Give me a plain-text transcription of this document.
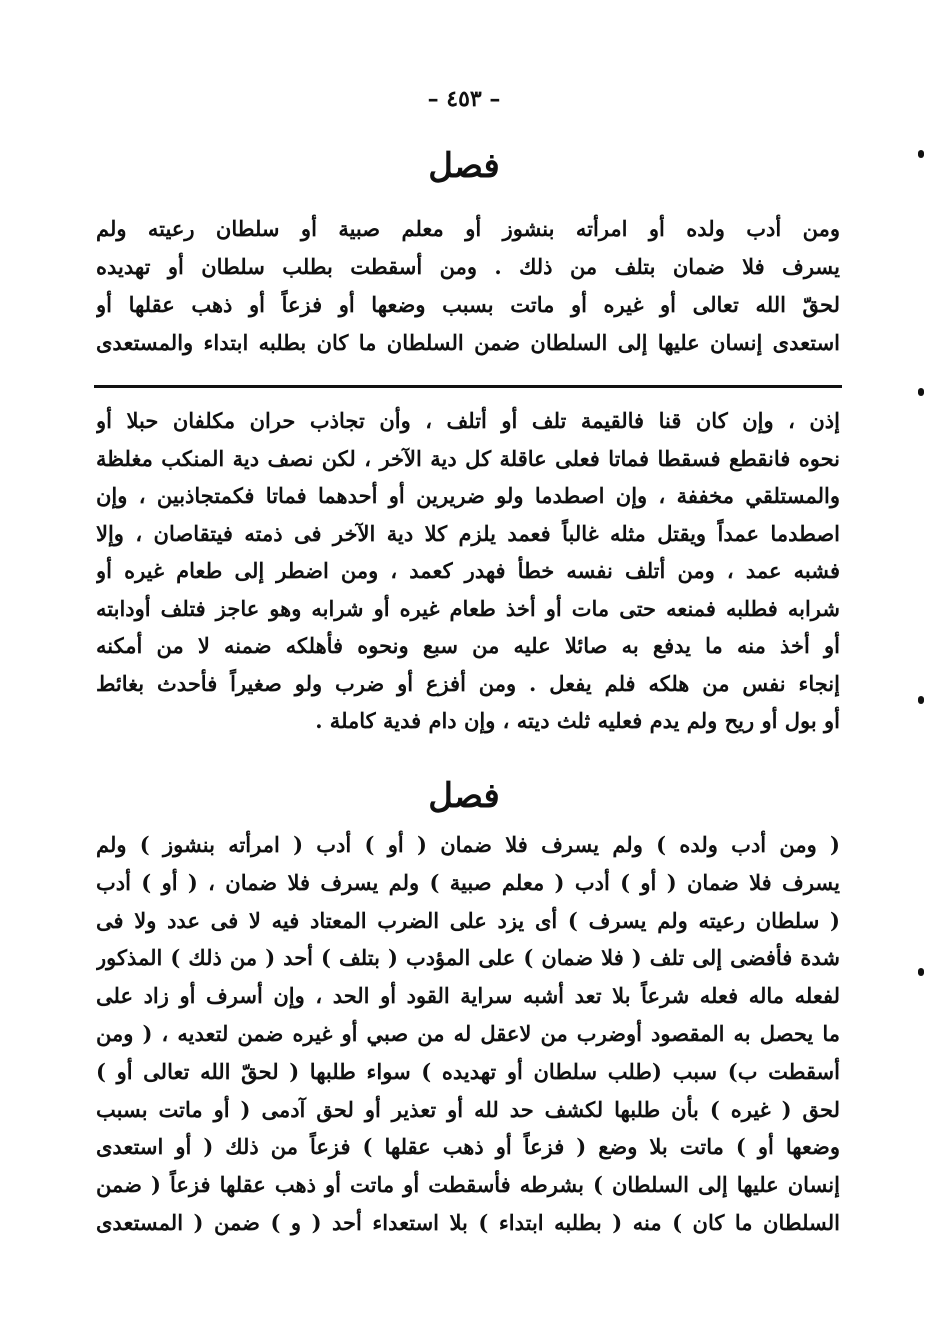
– ٤٥٣ –
فصل
ومن أدب ولده أو امرأته بنشوز أو معلم صبية أو سلطان رعيته ولم
يسرف فلا ضمان بتلف من ذلك . ومن أسقطت بطلب سلطان أو تهديده
لحقّ الله تعالى أو غيره أو ماتت بسبب وضعها أو فزعاً أو ذهب عقلها أو
استعدى إنسان عليها إلى السلطان ضمن السلطان ما كان بطلبه ابتداء والمستعدى
إذن ، وإن كان قنا فالقيمة تلف أو أتلف ، وأن تجاذب حران مكلفان حبلا أو
نحوه فانقطع فسقطا فماتا فعلى عاقلة كل دية الآخر ، لكن نصف دية المنكب مغلظة
والمستلقي مخففة ، وإن اصطدما ولو ضريرين أو أحدهما فماتا فكمتجاذبين ، وإن
اصطدما عمداً ويقتل مثله غالباً فعمد يلزم كلا دية الآخر فى ذمته فيتقاصان ، وإلا
فشبه عمد ، ومن أتلف نفسه خطأ فهدر كعمد ، ومن اضطر إلى طعام غيره أو
شرابه فطلبه فمنعه حتى مات أو أخذ طعام غيره أو شرابه وهو عاجز فتلف أودابته
أو أخذ منه ما يدفع به صائلا عليه من سبع ونحوه فأهلكه ضمنه لا من أمكنه
إنجاء نفس من هلكه فلم يفعل . ومن أفزع أو ضرب ولو صغيراً فأحدث بغائط
أو بول أو ريح ولم يدم فعليه ثلث ديته ، وإن دام فدية كاملة .
فصل
( ومن أدب ولده ) ولم يسرف فلا ضمان ( أو ) أدب ( امرأته بنشوز ) ولم
يسرف فلا ضمان ( أو ) أدب ( معلم صبية ) ولم يسرف فلا ضمان ، ( أو ) أدب
( سلطان رعيته ولم يسرف ) أى يزد على الضرب المعتاد فيه لا فى عدد ولا فى
شدة فأفضى إلى تلف ( فلا ضمان ) على المؤدب ( بتلف ) أحد ( من ذلك ) المذكور
لفعله ماله فعله شرعاً بلا تعد أشبه سراية القود أو الحد ، وإن أسرف أو زاد على
ما يحصل به المقصود أوضرب من لاعقل له من صبي أو غيره ضمن لتعديه ، ( ومن
أسقطت ب) سبب (طلب سلطان أو تهديده ) سواء طلبها ( لحقّ الله تعالى أو )
لحق ( غيره ) بأن طلبها لكشف حد لله أو تعذير أو لحق آدمى ( أو ماتت بسبب
وضعها أو ) ماتت بلا وضع ( فزعاً أو ذهب عقلها ) فزعاً من ذلك ( أو استعدى
إنسان عليها إلى السلطان ) بشرطه فأسقطت أو ماتت أو ذهب عقلها فزعاً ( ضمن
السلطان ما كان ) منه ( بطلبه ابتداء ) بلا استعداء أحد ( و ) ضمن ( المستعدى
